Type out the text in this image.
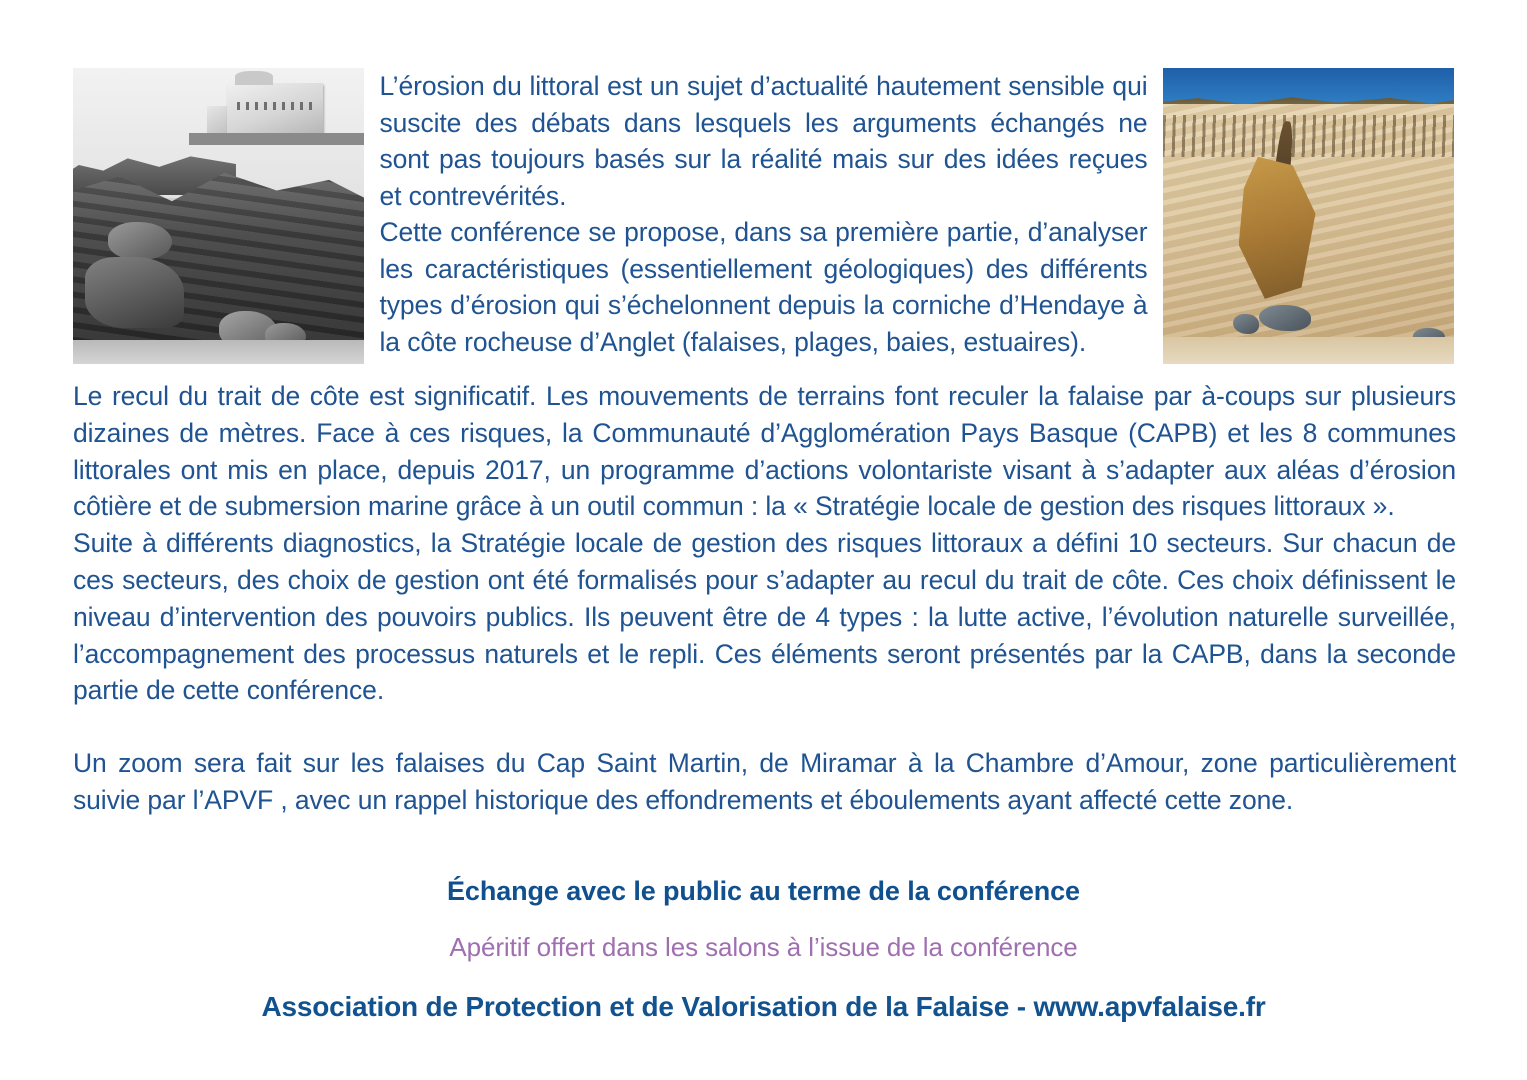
L’érosion du littoral est un sujet d’actualité hautement sensible qui suscite des débats dans lesquels les arguments échangés ne sont pas toujours basés sur la réalité mais sur des idées reçues et contrevérités.

Cette conférence se propose, dans sa première partie, d’analyser les caractéristiques (essentiellement géologiques) des différents types d’érosion qui s’échelonnent depuis la corniche d’Hendaye à la côte rocheuse d’Anglet (falaises, plages, baies, estuaires).

Le recul du trait de côte est significatif. Les mouvements de terrains font reculer la falaise par à-coups sur plusieurs dizaines de mètres. Face à ces risques, la Communauté d’Agglomération Pays Basque (CAPB) et les 8 communes littorales ont mis en place, depuis 2017, un programme d’actions volontariste visant à s’adapter aux aléas d’érosion côtière et de submersion marine grâce à un outil commun : la « Stratégie locale de gestion des risques littoraux ».

Suite à différents diagnostics, la Stratégie locale de gestion des risques littoraux a défini 10 secteurs. Sur chacun de ces secteurs, des choix de gestion ont été formalisés pour s’adapter au recul du trait de côte. Ces choix définissent le niveau d’intervention des pouvoirs publics. Ils peuvent être de 4 types : la lutte active, l’évolution naturelle surveillée, l’accompagnement des processus naturels et le repli. Ces éléments seront présentés par la CAPB, dans la seconde partie de cette conférence.

Un zoom sera fait sur les falaises du Cap Saint Martin, de Miramar à la Chambre d’Amour, zone particulièrement suivie par l’APVF , avec un rappel historique des effondrements et éboulements ayant affecté cette zone.

Échange avec le public au terme de la conférence
Apéritif offert dans les salons à l’issue de la conférence
Association de Protection et de Valorisation de la Falaise - www.apvfalaise.fr
